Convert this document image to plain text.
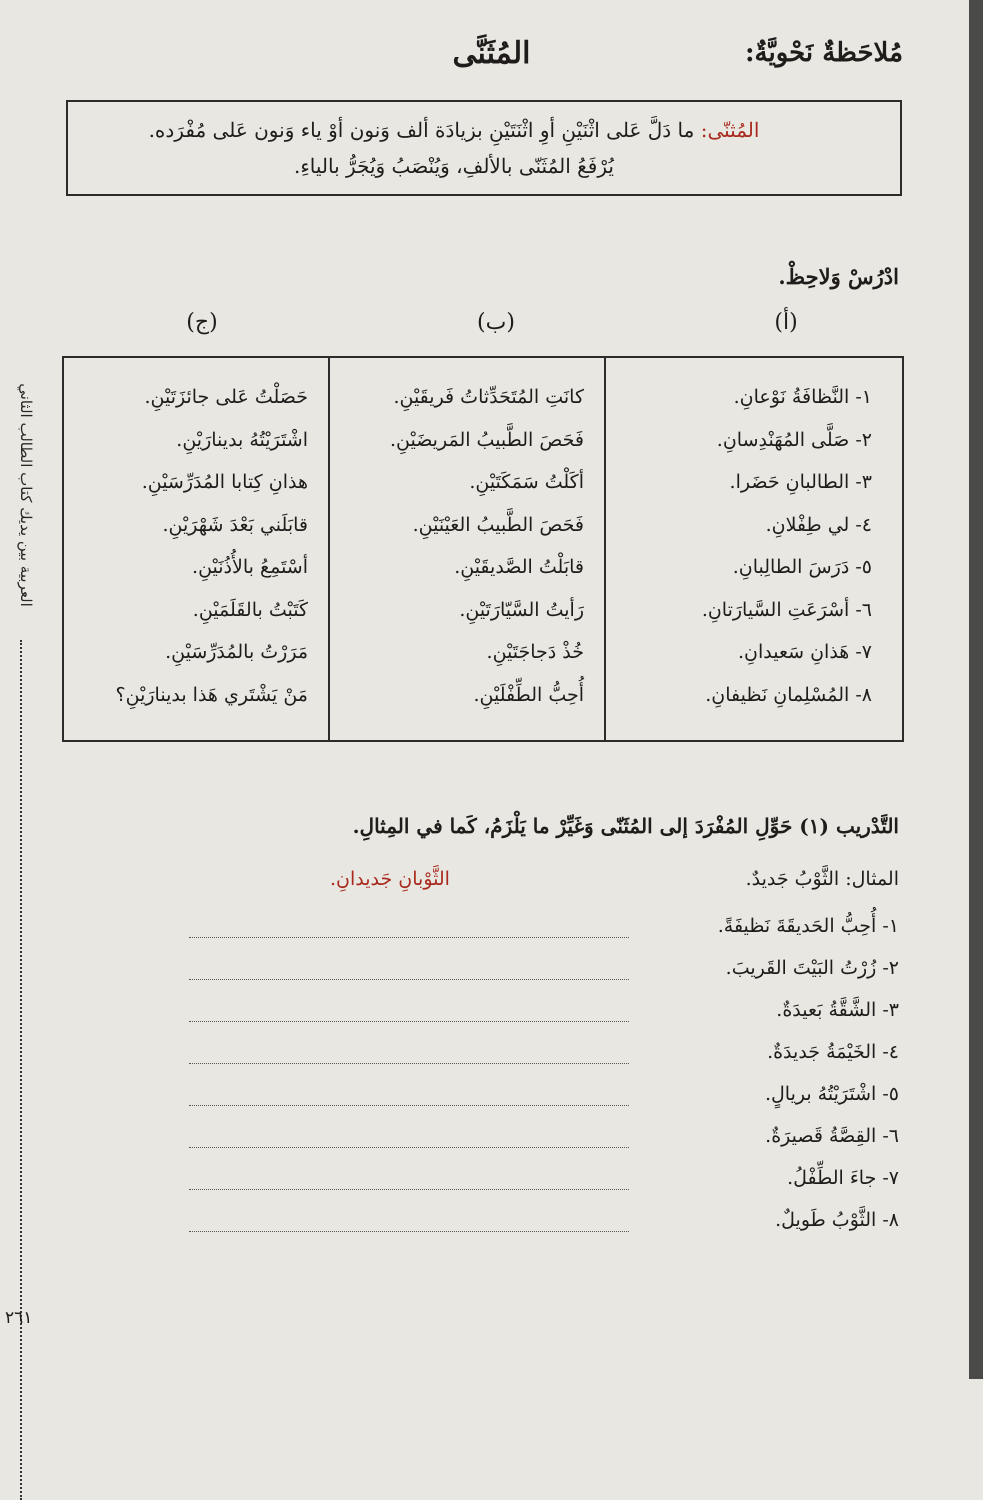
العربية بين يديك كتاب الطالب الثاني
٢٦١
مُلاحَظةٌ نَحْويَّةٌ:
المُثَنَّى
المُثنّى: ما دَلَّ عَلى اثْنَيْنِ أوِ اثْنَتَيْنِ بزيادَة ألف وَنون أوْ ياء وَنون عَلى مُفْرَده.
يُرْفَعُ المُثَنّى بالألفِ، وَيُنْصَبُ وَيُجَرُّ بالياءِ.
ادْرُسْ وَلاحِظْ.
(أ)
(ب)
(ج)
١- النَّظافَةُ نَوْعانِ.
٢- صَلَّى المُهَنْدِسانِ.
٣- الطالبانِ حَضَرا.
٤- لي طِفْلانِ.
٥- دَرَسَ الطالِبانِ.
٦- أسْرَعَتِ السَّيارَتانِ.
٧- هَذانِ سَعيدانِ.
٨- المُسْلِمانِ نَظيفانِ.
كانَتِ المُتَحَدِّثاتُ فَريقَيْنِ.
فَحَصَ الطَّبيبُ المَريضَيْنِ.
أكَلْتُ سَمَكَتَيْنِ.
فَحَصَ الطَّبيبُ العَيْنَيْنِ.
قابَلْتُ الصَّديقَيْنِ.
رَأيتُ السَّيّارَتَيْنِ.
خُذْ دَجاجَتَيْنِ.
أُحِبُّ الطِّفْلَيْنِ.
حَصَلْتُ عَلى جائزَتَيْنِ.
اشْتَرَيْتُهُ بدينارَيْنِ.
هذانِ كِتابا المُدَرِّسَيْنِ.
قابَلَني بَعْدَ شَهْرَيْنِ.
أسْتَمِعُ بالأُذُنَيْنِ.
كَتَبْتُ بالقَلَمَيْنِ.
مَرَرْتُ بالمُدَرِّسَيْنِ.
مَنْ يَشْتَري هَذا بدينارَيْنِ؟
التَّدْريب (١) حَوِّلِ المُفْرَدَ إلى المُثَنّى وَغَيِّرْ ما يَلْزَمُ، كَما في المِثالِ.
المثال: الثَّوْبُ جَديدٌ.
الثَّوْبانِ جَديدانِ.
١- أُحِبُّ الحَديقَةَ نَظيفَةً.
٢- زُرْتُ البَيْتَ القَريبَ.
٣- الشَّقَّةُ بَعيدَةٌ.
٤- الخَيْمَةُ جَديدَةٌ.
٥- اشْتَرَيْتُهُ بريالٍ.
٦- القِصَّةُ قَصيرَةٌ.
٧- جاءَ الطِّفْلُ.
٨- الثَّوْبُ طَويلٌ.
